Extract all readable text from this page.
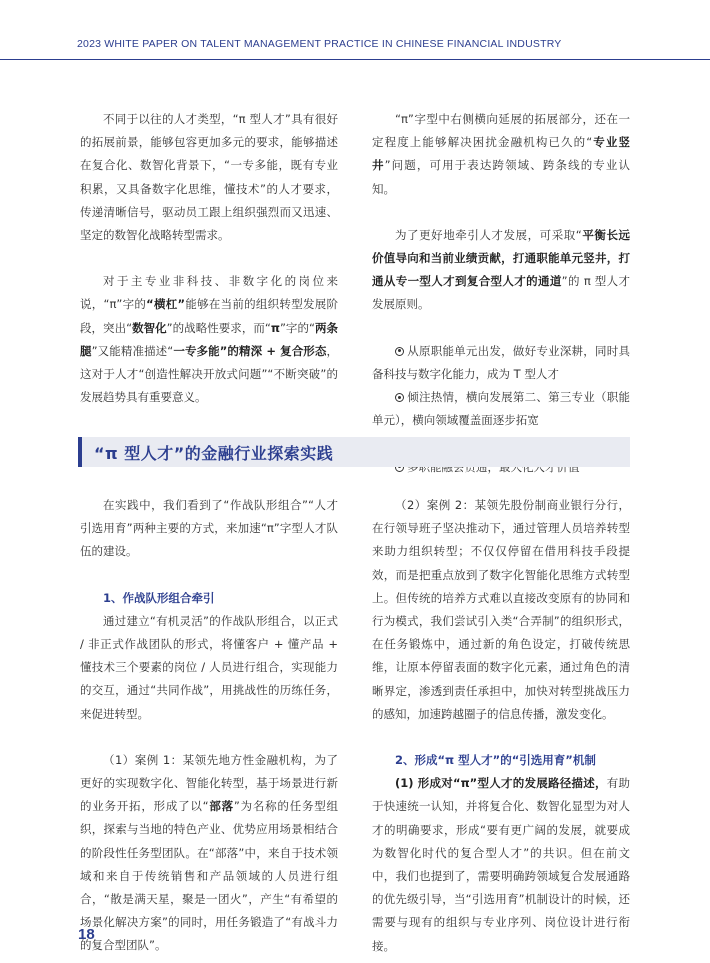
2023 WHITE PAPER ON TALENT MANAGEMENT PRACTICE IN CHINESE FINANCIAL INDUSTRY

不同于以往的人才类型，“π 型人才”具有很好的拓展前景，能够包容更加多元的要求，能够描述在复合化、数智化背景下，“一专多能，既有专业积累，又具备数字化思维，懂技术”的人才要求，传递清晰信号，驱动员工跟上组织强烈而又迅速、坚定的数智化战略转型需求。

对于主专业非科技、非数字化的岗位来说，“π”字的“横杠”能够在当前的组织转型发展阶段，突出“数智化”的战略性要求，而“π”字的“两条腿”又能精准描述“一专多能”的精深 + 复合形态，这对于人才“创造性解决开放式问题”“不断突破”的发展趋势具有重要意义。

“π”字型中右侧横向延展的拓展部分，还在一定程度上能够解决困扰金融机构已久的“专业竖井”问题，可用于表达跨领域、跨条线的专业认知。

为了更好地牵引人才发展，可采取“平衡长远价值导向和当前业绩贡献，打通职能单元竖井，打通从专一型人才到复合型人才的通道”的 π 型人才发展原则。

从原职能单元出发，做好专业深耕，同时具备科技与数字化能力，成为 T 型人才

倾注热情，横向发展第二、第三专业（职能单元），横向领域覆盖面逐步拓宽

“π 型人才”的金融行业探索实践

在实践中，我们看到了“作战队形组合”“人才引选用育”两种主要的方式，来加速“π”字型人才队伍的建设。

1、作战队形组合牵引

通过建立“有机灵活”的作战队形组合，以正式 / 非正式作战团队的形式，将懂客户 + 懂产品 + 懂技术三个要素的岗位 / 人员进行组合，实现能力的交互，通过“共同作战”，用挑战性的历练任务，来促进转型。

（1）案例 1：某领先地方性金融机构，为了更好的实现数字化、智能化转型，基于场景进行新的业务开拓，形成了以“部落”为名称的任务型组织，探索与当地的特色产业、优势应用场景相结合的阶段性任务型团队。在“部落”中，来自于技术领域和来自于传统销售和产品领域的人员进行组合，“散是满天星，聚是一团火”，产生“有希望的场景化解决方案”的同时，用任务锻造了“有战斗力的复合型团队”。

（2）案例 2：某领先股份制商业银行分行，在行领导班子坚决推动下，通过管理人员培养转型来助力组织转型；不仅仅停留在借用科技手段提效，而是把重点放到了数字化智能化思维方式转型上。但传统的培养方式难以直接改变原有的协同和行为模式，我们尝试引入类“合弄制”的组织形式，在任务锻炼中，通过新的角色设定，打破传统思维，让原本停留表面的数字化元素，通过角色的清晰界定，渗透到责任承担中，加快对转型挑战压力的感知，加速跨越圈子的信息传播，激发变化。

2、形成“π 型人才”的“引选用育”机制

(1) 形成对“π”型人才的发展路径描述，有助于快速统一认知，并将复合化、数智化显型为对人才的明确要求，形成“要有更广阔的发展，就要成为数智化时代的复合型人才”的共识。但在前文中，我们也提到了，需要明确跨领域复合发展通路的优先级引导，当“引选用育”机制设计的时候，还需要与现有的组织与专业序列、岗位设计进行衔接。

18
